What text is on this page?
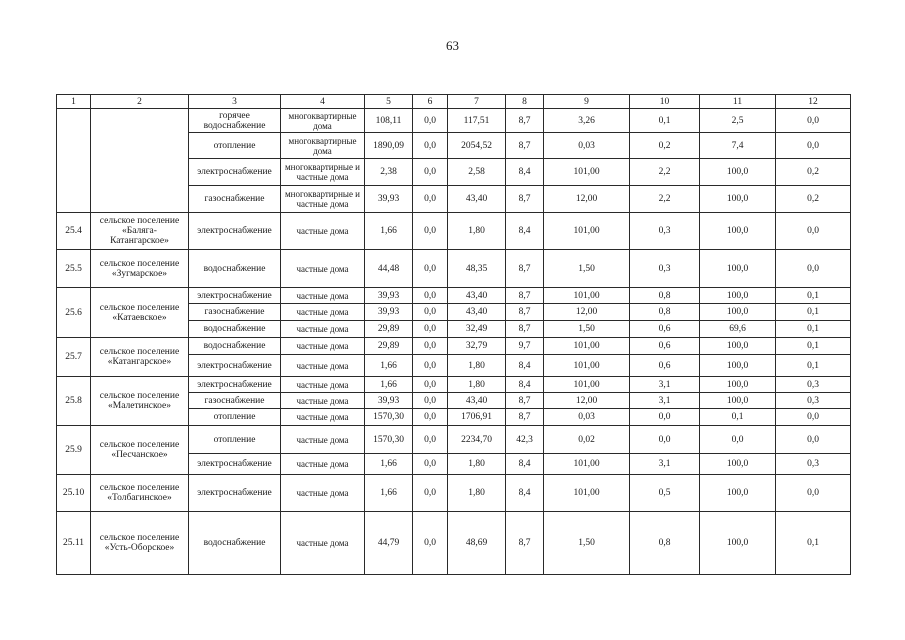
63
1	2	3	4	5	6	7	8	9	10	11	12
		горячее водоснабжение	многоквартирные дома	108,11	0,0	117,51	8,7	3,26	0,1	2,5	0,0
		отопление	многоквартирные дома	1890,09	0,0	2054,52	8,7	0,03	0,2	7,4	0,0
		электроснабжение	многоквартирные и частные дома	2,38	0,0	2,58	8,4	101,00	2,2	100,0	0,2
		газоснабжение	многоквартирные и частные дома	39,93	0,0	43,40	8,7	12,00	2,2	100,0	0,2
25.4	сельское поселение «Баляга-Катангарское»	электроснабжение	частные дома	1,66	0,0	1,80	8,4	101,00	0,3	100,0	0,0
25.5	сельское поселение «Зугмарское»	водоснабжение	частные дома	44,48	0,0	48,35	8,7	1,50	0,3	100,0	0,0
25.6	сельское поселение «Катаевское»	электроснабжение	частные дома	39,93	0,0	43,40	8,7	101,00	0,8	100,0	0,1
		газоснабжение	частные дома	39,93	0,0	43,40	8,7	12,00	0,8	100,0	0,1
		водоснабжение	частные дома	29,89	0,0	32,49	8,7	1,50	0,6	69,6	0,1
25.7	сельское поселение «Катангарское»	водоснабжение	частные дома	29,89	0,0	32,79	9,7	101,00	0,6	100,0	0,1
		электроснабжение	частные дома	1,66	0,0	1,80	8,4	101,00	0,6	100,0	0,1
25.8	сельское поселение «Малетинское»	электроснабжение	частные дома	1,66	0,0	1,80	8,4	101,00	3,1	100,0	0,3
		газоснабжение	частные дома	39,93	0,0	43,40	8,7	12,00	3,1	100,0	0,3
		отопление	частные дома	1570,30	0,0	1706,91	8,7	0,03	0,0	0,1	0,0
25.9	сельское поселение «Песчанское»	отопление	частные дома	1570,30	0,0	2234,70	42,3	0,02	0,0	0,0	0,0
		электроснабжение	частные дома	1,66	0,0	1,80	8,4	101,00	3,1	100,0	0,3
25.10	сельское поселение «Толбагинское»	электроснабжение	частные дома	1,66	0,0	1,80	8,4	101,00	0,5	100,0	0,0
25.11	сельское поселение «Усть-Оборское»	водоснабжение	частные дома	44,79	0,0	48,69	8,7	1,50	0,8	100,0	0,1
